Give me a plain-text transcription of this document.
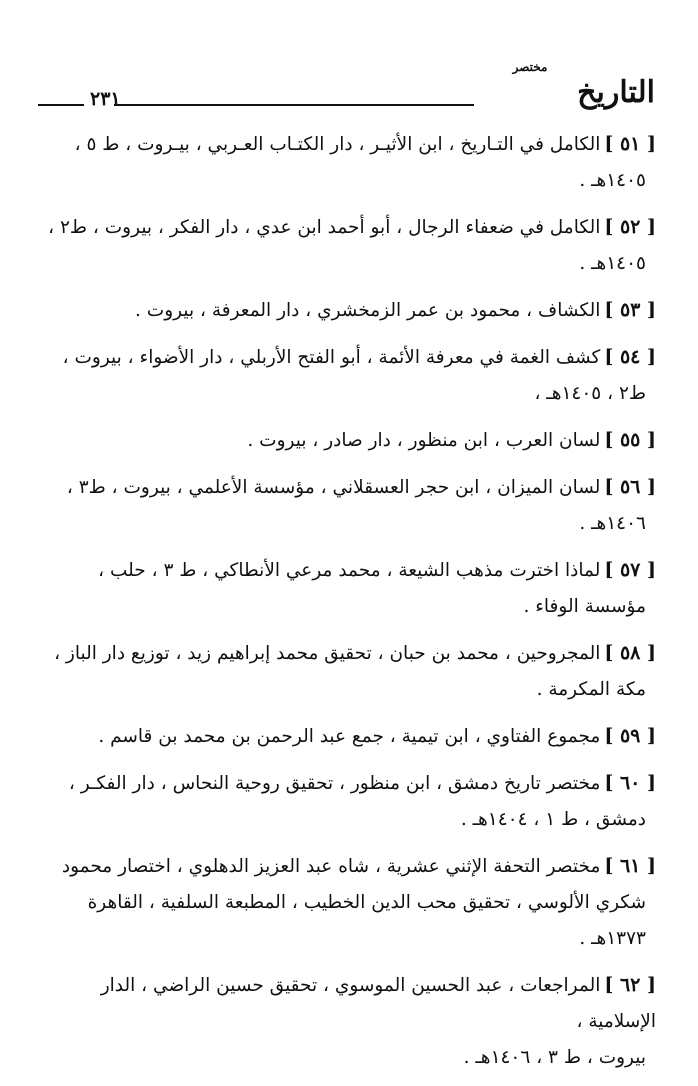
٢٣١
مختصر
التاريخ
[ ٥١ ]الكامل في التـاريخ ، ابن الأثيـر ، دار الكتـاب العـربي ، بيـروت ، ط ٥ ،
١٤٠٥هـ .
[ ٥٢ ]الكامل في ضعفاء الرجال ، أبو أحمد ابن عدي ، دار الفكر ، بيروت ، ط٢ ،
١٤٠٥هـ .
[ ٥٣ ]الكشاف ، محمود بن عمر الزمخشري ، دار المعرفة ، بيروت .
[ ٥٤ ]كشف الغمة في معرفة الأئمة ، أبو الفتح الأربلي ، دار الأضواء ، بيروت ،
ط٢ ، ١٤٠٥هـ ،
[ ٥٥ ]لسان العرب ، ابن منظور ، دار صادر ، بيروت .
[ ٥٦ ]لسان الميزان ، ابن حجر العسقلاني ، مؤسسة الأعلمي ، بيروت ، ط٣ ،
١٤٠٦هـ .
[ ٥٧ ]لماذا اخترت مذهب الشيعة ، محمد مرعي الأنطاكي ، ط ٣ ، حلب ،
مؤسسة الوفاء .
[ ٥٨ ]المجروحين ، محمد بن حبان ، تحقيق محمد إبراهيم زيد ، توزيع دار الباز ،
مكة المكرمة .
[ ٥٩ ]مجموع الفتاوي ، ابن تيمية ، جمع عبد الرحمن بن محمد بن قاسم .
[ ٦٠ ]مختصر تاريخ دمشق ، ابن منظور ، تحقيق روحية النحاس ، دار الفكـر ،
دمشق ، ط ١ ، ١٤٠٤هـ .
[ ٦١ ]مختصر التحفة الإثني عشرية ، شاه عبد العزيز الدهلوي ، اختصار محمود
شكري الألوسي ، تحقيق محب الدين الخطيب ، المطبعة السلفية ، القاهرة
١٣٧٣هـ .
[ ٦٢ ]المراجعات ، عبد الحسين الموسوي ، تحقيق حسين الراضي ، الدار الإسلامية ،
بيروت ، ط ٣ ، ١٤٠٦هـ .
